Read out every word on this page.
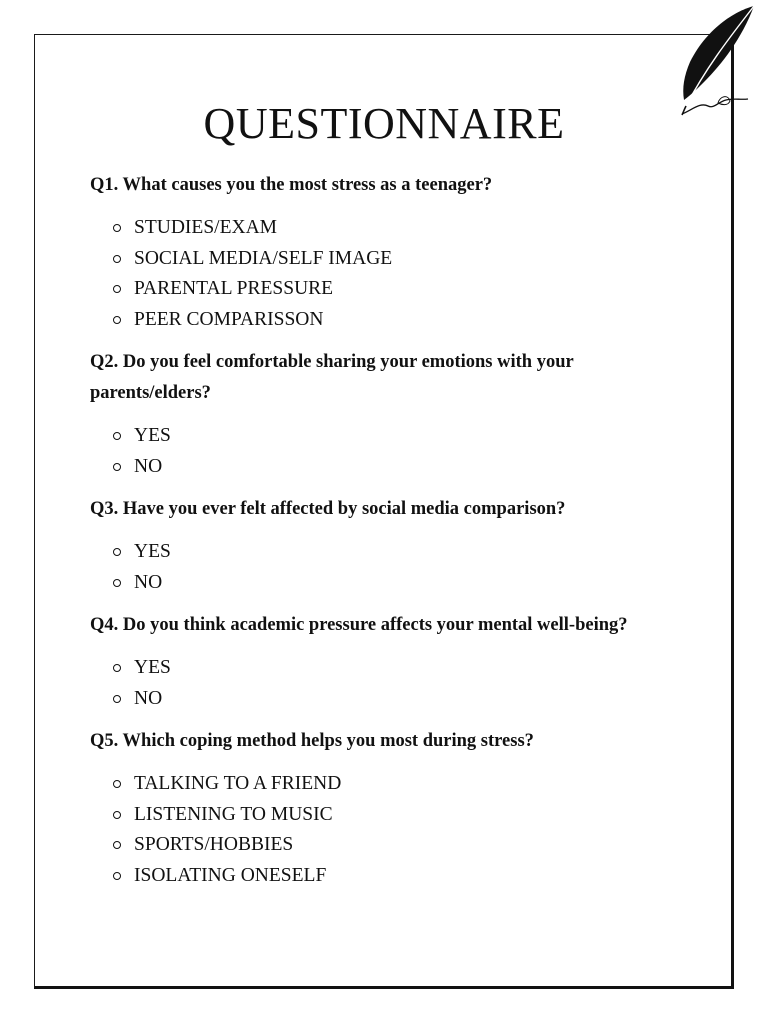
QUESTIONNAIRE

Q1. What causes you the most stress as a teenager?

STUDIES/EXAM
SOCIAL MEDIA/SELF IMAGE
PARENTAL PRESSURE
PEER COMPARISSON

Q2. Do you feel comfortable sharing your emotions with your parents/elders?

YES
NO

Q3. Have you ever felt affected by social media comparison?

YES
NO

Q4. Do you think academic pressure affects your mental well-being?

YES
NO

Q5. Which coping method helps you most during stress?

TALKING TO A FRIEND
LISTENING TO MUSIC
SPORTS/HOBBIES
ISOLATING ONESELF
